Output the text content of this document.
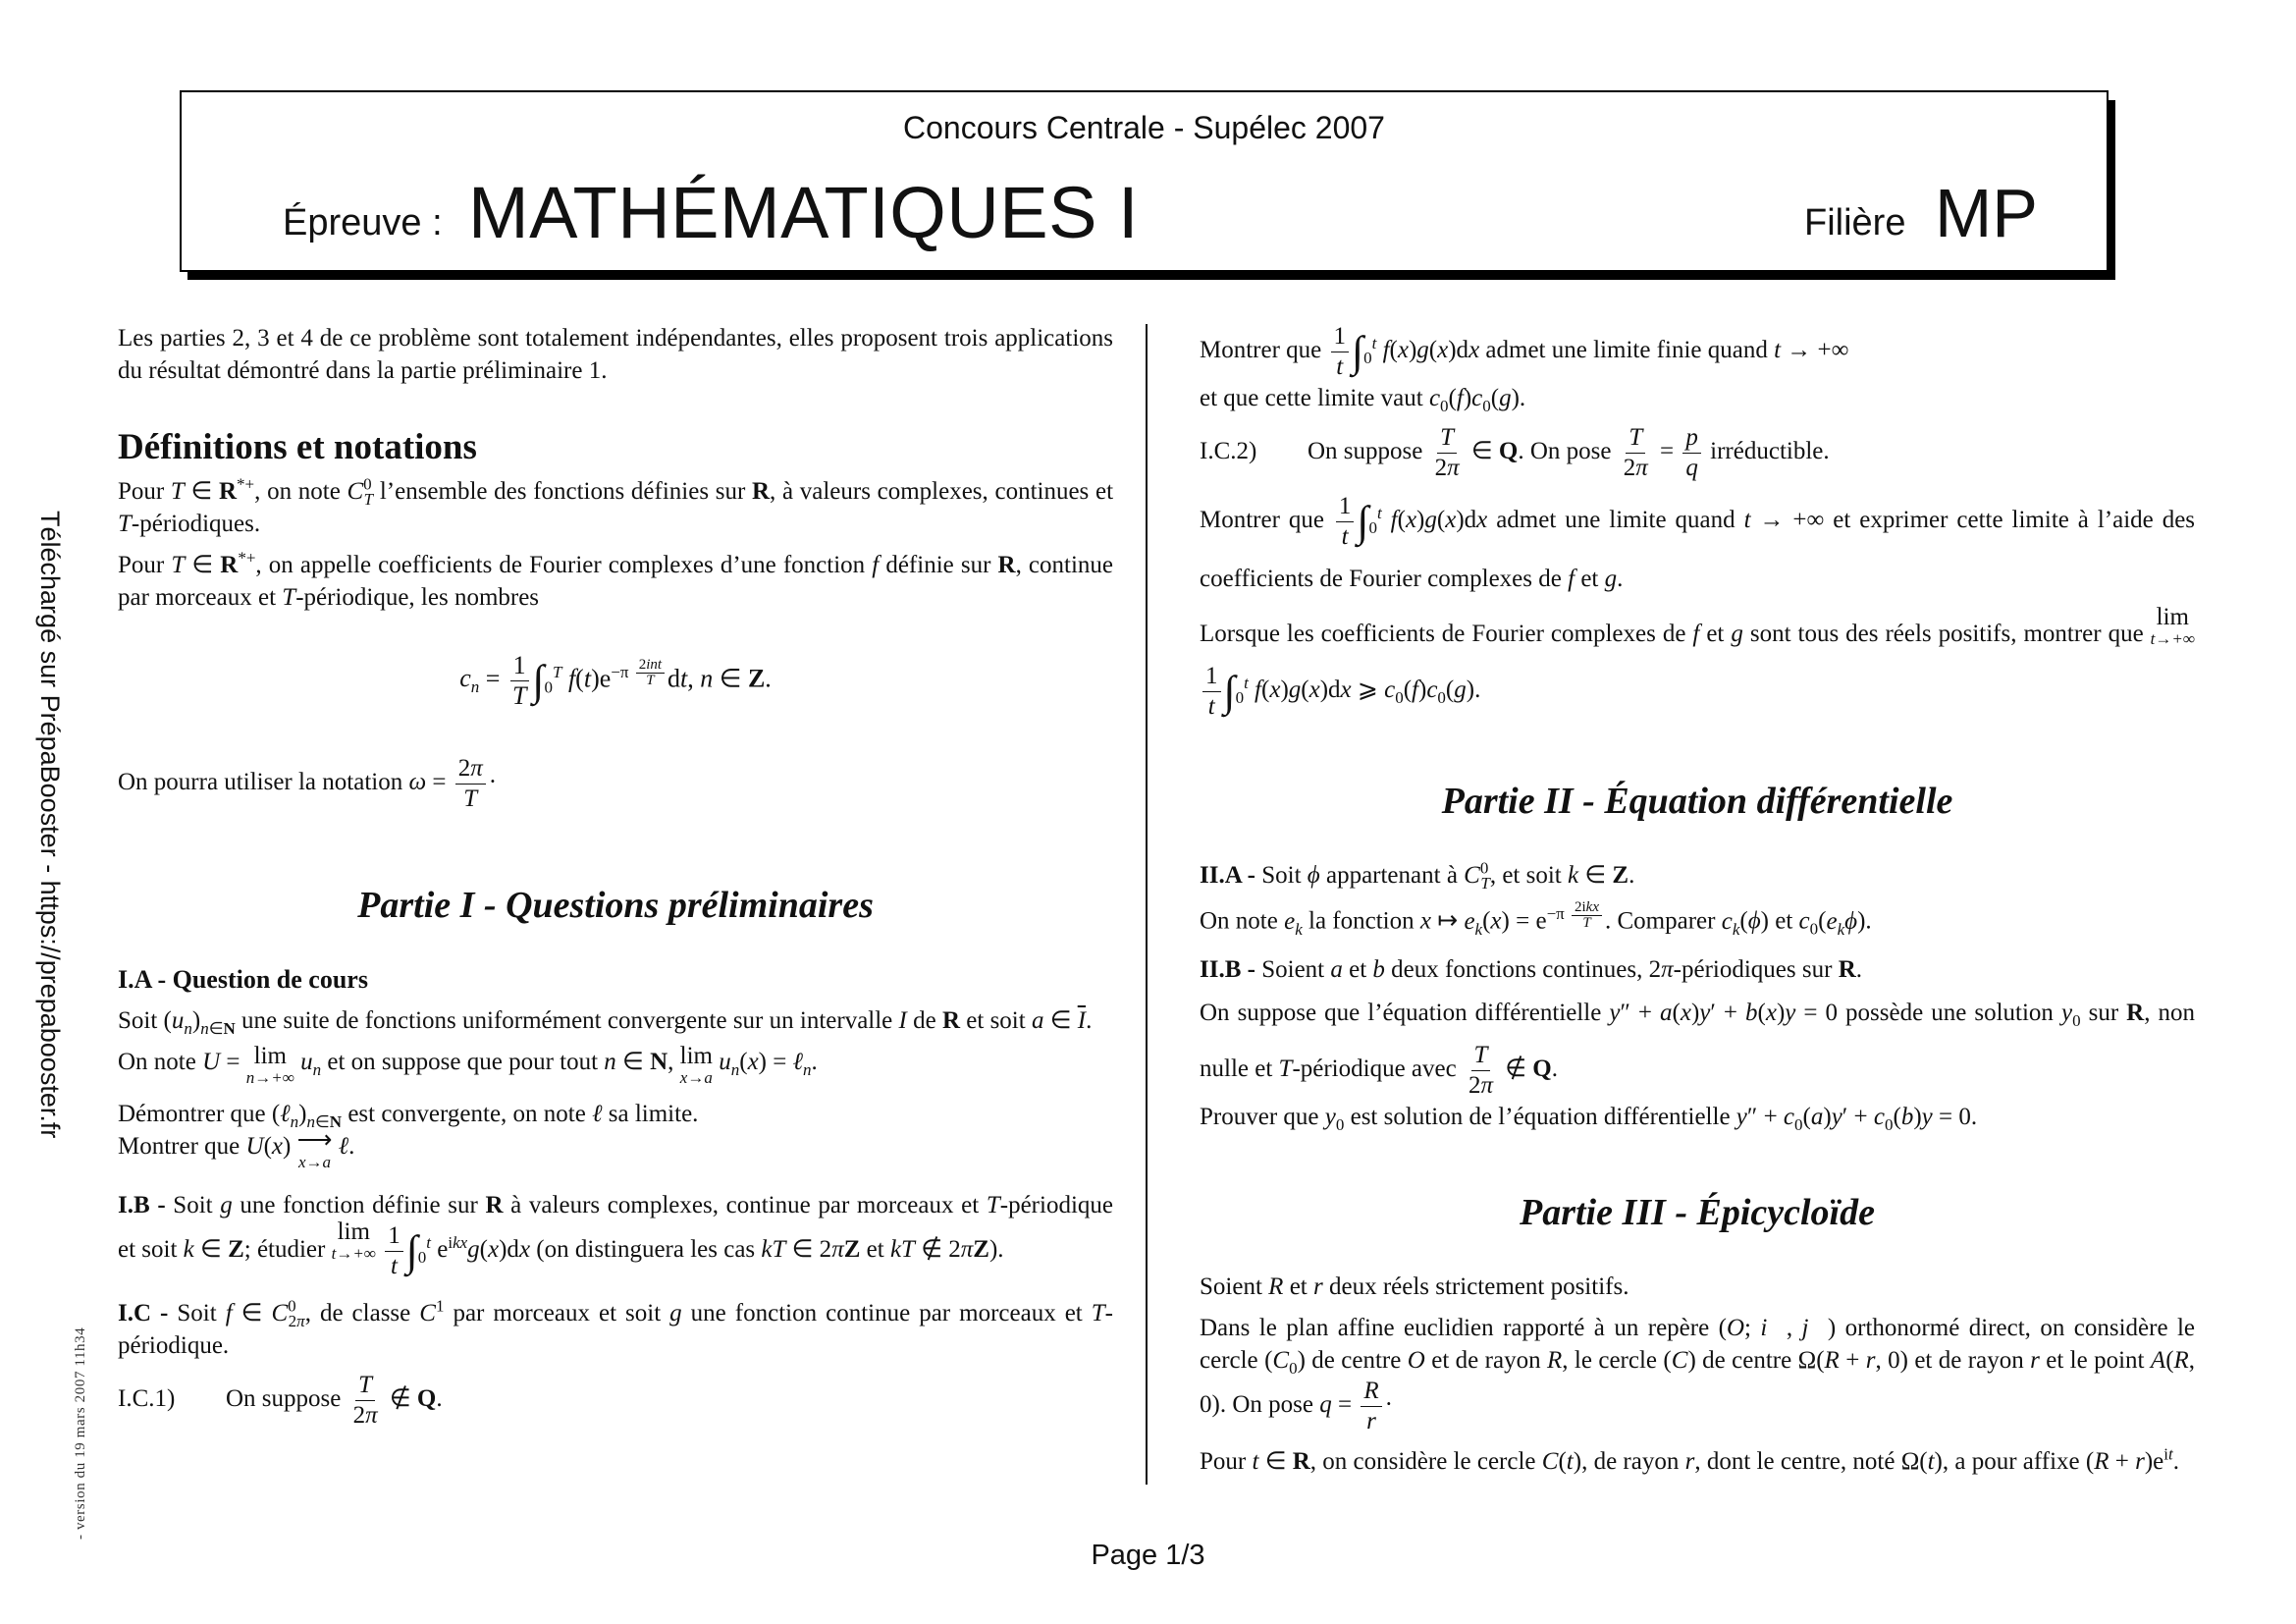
Concours Centrale - Supélec 2007
Épreuve : MATHÉMATIQUES I	Filière MP
Téléchargé sur PrépaBooster - https://prepabooster.fr
- version du 19 mars 2007 11h34

Les parties 2, 3 et 4 de ce problème sont totalement indépendantes, elles proposent trois applications du résultat démontré dans la partie préliminaire 1.

Définitions et notations

Pour T ∈ R*+, on note $C^0_T$ l’ensemble des fonctions définies sur R, à valeurs complexes, continues et T-périodiques.

Pour T ∈ R*+, on appelle coefficients de Fourier complexes d’une fonction f définie sur R, continue par morceaux et T-périodique, les nombres

$c_n = \frac{1}{T} \int_0^T$ $f(t)e^{-\pi \frac{\text{2int}}{T}}$ dt, n ∈ Z.

On pourra utiliser la notation $\omega = \frac{2\pi}{T}$ ·

Partie I - Questions préliminaires
I.A - Question de cours

Soit $(u_n)_{n\in N}$ une suite de fonctions uniformément convergente sur un intervalle I de R et soit a ∈ $\overline{I}$.

On note U = lim
n→+∞
$u_n$ et on suppose que pour tout n ∈ N, lim
x→a
$u_n(x)$ = ℓ$_n$.

Démontrer que $(\ell_n)_{n\in N}$ est convergente, on note ℓ sa limite.

Montrer que U(x) ⟶
x→a
ℓ.

I.B - Soit g une fonction définie sur R à valeurs complexes, continue par morceaux et T-périodique et soit k ∈ Z; étudier
lim
t→+∞
$\frac{1}{t} \int_0^t$ $e^{ikx}g(x)dx$ (on distinguera les cas kT ∈ 2πZ et kT ∉ 2πZ).

I.C - Soit f ∈ $C^0_{2\pi}$, de classe $C^1$ par morceaux et soit g une fonction continue par morceaux et T-périodique.

I.C.1) On suppose $\frac{T}{2\pi}$ ∉ Q.

Montrer que $\frac{1}{t} \int_0^t$ f(x)g(x)dx admet une limite finie quand t → +∞

et que cette limite vaut $c_0(f)c_0(g)$.

I.C.2) On suppose $\frac{T}{2\pi}$ ∈ Q. On pose $\frac{T}{2\pi} = \frac{p}{q}$ irréductible.

Montrer que $\frac{1}{t} \int_0^t$ f(x)g(x)dx admet une limite quand t → +∞ et exprimer cette limite à l’aide des coefficients de Fourier complexes de f et g.

Lorsque les coefficients de Fourier complexes de f et g sont tous des réels positifs, montrer que
lim
t→+∞

$\frac{1}{t} \int_0^t$ f(x)g(x)dx ⩾ $c_0(f)c_0(g)$.

Partie II - Équation différentielle

II.A - Soit ϕ appartenant à $C^0_T$, et soit k ∈ Z.

On note $e_k$ la fonction x ↦ $e_k(x) = e^{-\pi \frac{\text{2ikx}}{T}}$ . Comparer $c_k(\phi)$ et $c_0(e_k\phi)$.

II.B - Soient a et b deux fonctions continues, 2π-périodiques sur R.

On suppose que l’équation différentielle y″ + a(x)y′ + b(x)y = 0 possède une solution $y_0$ sur R, non nulle et T-périodique avec $\frac{T}{2\pi}$ ∉ Q.

Prouver que $y_0$ est solution de l’équation différentielle $y'' + c_0(a)y' + c_0(b)y = 0$.

Partie III - Épicycloïde

Soient R et r deux réels strictement positifs.

Dans le plan affine euclidien rapporté à un repère (O; i⃗, j⃗) orthonormé direct, on considère le cercle $(C_0)$ de centre O et de rayon R, le cercle (C) de centre Ω(R + r, 0) et de rayon r et le point A(R, 0). On pose $q = \frac{R}{r}$ ·

Pour t ∈ R, on considère le cercle C(t), de rayon r, dont le centre, noté Ω(t), a pour affixe $(R + r)e^{it}$.

Page 1/3
